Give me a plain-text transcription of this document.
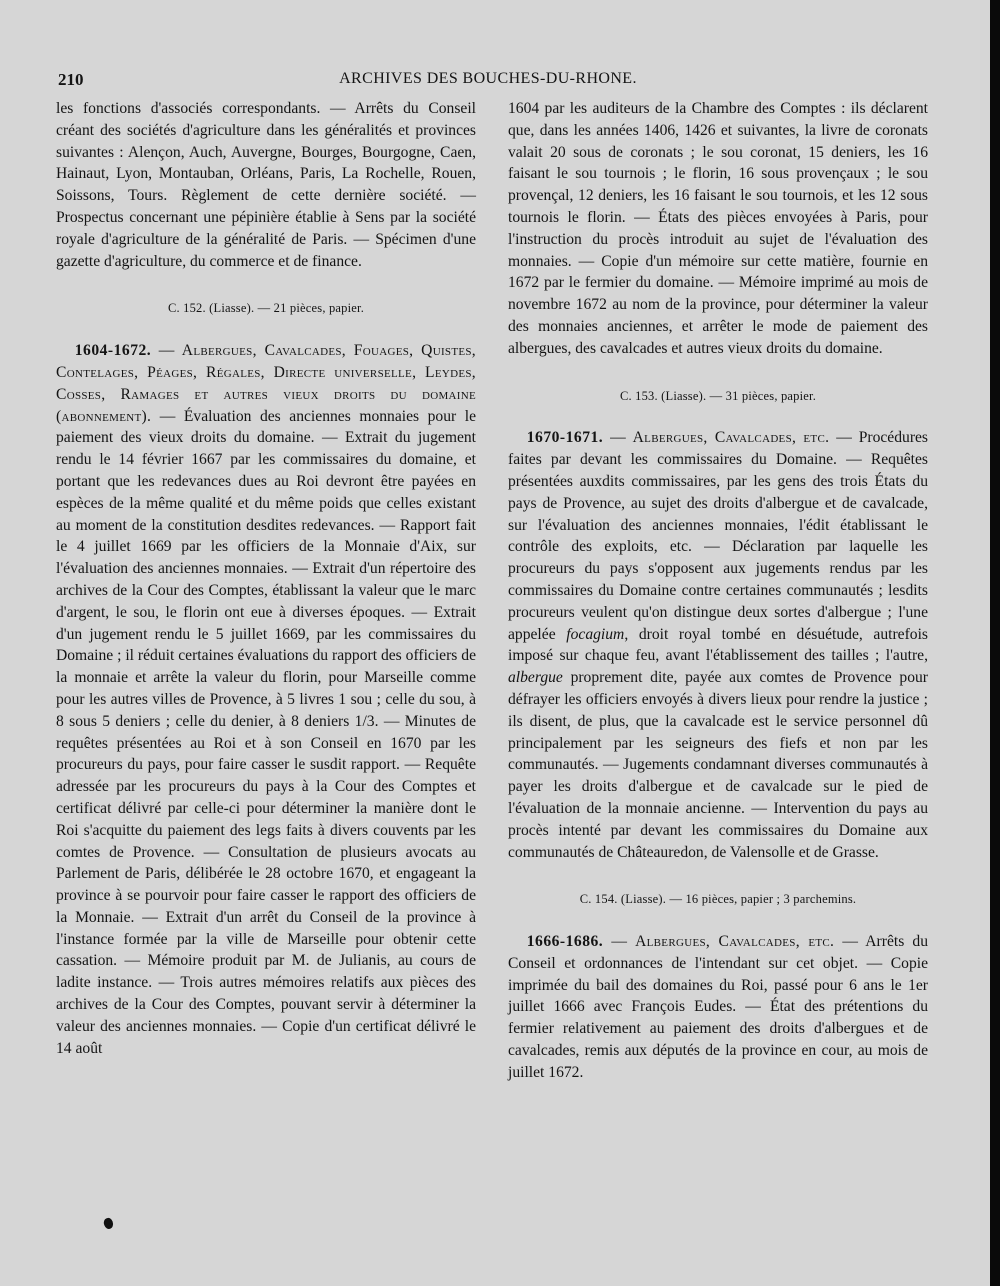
210	ARCHIVES DES BOUCHES-DU-RHONE.

les fonctions d'associés correspondants. — Arrêts du Conseil créant des sociétés d'agriculture dans les généralités et provinces suivantes : Alençon, Auch, Auvergne, Bourges, Bourgogne, Caen, Hainaut, Lyon, Montauban, Orléans, Paris, La Rochelle, Rouen, Soissons, Tours. Règlement de cette dernière société. — Prospectus concernant une pépinière établie à Sens par la société royale d'agriculture de la généralité de Paris. — Spécimen d'une gazette d'agriculture, du commerce et de finance.

C. 152. (Liasse). — 21 pièces, papier.

1604-1672. — Albergues, Cavalcades, Fouages, Quistes, Contelages, Péages, Régales, Directe universelle, Leydes, Cosses, Ramages et autres vieux droits du domaine (abonnement). — Évaluation des anciennes monnaies pour le paiement des vieux droits du domaine. — Extrait du jugement rendu le 14 février 1667 par les commissaires du domaine, et portant que les redevances dues au Roi devront être payées en espèces de la même qualité et du même poids que celles existant au moment de la constitution desdites redevances. — Rapport fait le 4 juillet 1669 par les officiers de la Monnaie d'Aix, sur l'évaluation des anciennes monnaies. — Extrait d'un répertoire des archives de la Cour des Comptes, établissant la valeur que le marc d'argent, le sou, le florin ont eue à diverses époques. — Extrait d'un jugement rendu le 5 juillet 1669, par les commissaires du Domaine ; il réduit certaines évaluations du rapport des officiers de la monnaie et arrête la valeur du florin, pour Marseille comme pour les autres villes de Provence, à 5 livres 1 sou ; celle du sou, à 8 sous 5 deniers ; celle du denier, à 8 deniers 1/3. — Minutes de requêtes présentées au Roi et à son Conseil en 1670 par les procureurs du pays, pour faire casser le susdit rapport. — Requête adressée par les procureurs du pays à la Cour des Comptes et certificat délivré par celle-ci pour déterminer la manière dont le Roi s'acquitte du paiement des legs faits à divers couvents par les comtes de Provence. — Consultation de plusieurs avocats au Parlement de Paris, délibérée le 28 octobre 1670, et engageant la province à se pourvoir pour faire casser le rapport des officiers de la Monnaie. — Extrait d'un arrêt du Conseil de la province à l'instance formée par la ville de Marseille pour obtenir cette cassation. — Mémoire produit par M. de Julianis, au cours de ladite instance. — Trois autres mémoires relatifs aux pièces des archives de la Cour des Comptes, pouvant servir à déterminer la valeur des anciennes monnaies. — Copie d'un certificat délivré le 14 août

1604 par les auditeurs de la Chambre des Comptes : ils déclarent que, dans les années 1406, 1426 et suivantes, la livre de coronats valait 20 sous de coronats ; le sou coronat, 15 deniers, les 16 faisant le sou tournois ; le florin, 16 sous provençaux ; le sou provençal, 12 deniers, les 16 faisant le sou tournois, et les 12 sous tournois le florin. — États des pièces envoyées à Paris, pour l'instruction du procès introduit au sujet de l'évaluation des monnaies. — Copie d'un mémoire sur cette matière, fournie en 1672 par le fermier du domaine. — Mémoire imprimé au mois de novembre 1672 au nom de la province, pour déterminer la valeur des monnaies anciennes, et arrêter le mode de paiement des albergues, des cavalcades et autres vieux droits du domaine.

C. 153. (Liasse). — 31 pièces, papier.

1670-1671. — Albergues, Cavalcades, etc. — Procédures faites par devant les commissaires du Domaine. — Requêtes présentées auxdits commissaires, par les gens des trois États du pays de Provence, au sujet des droits d'albergue et de cavalcade, sur l'évaluation des anciennes monnaies, l'édit établissant le contrôle des exploits, etc. — Déclaration par laquelle les procureurs du pays s'opposent aux jugements rendus par les commissaires du Domaine contre certaines communautés ; lesdits procureurs veulent qu'on distingue deux sortes d'albergue ; l'une appelée focagium, droit royal tombé en désuétude, autrefois imposé sur chaque feu, avant l'établissement des tailles ; l'autre, albergue proprement dite, payée aux comtes de Provence pour défrayer les officiers envoyés à divers lieux pour rendre la justice ; ils disent, de plus, que la cavalcade est le service personnel dû principalement par les seigneurs des fiefs et non par les communautés. — Jugements condamnant diverses communautés à payer les droits d'albergue et de cavalcade sur le pied de l'évaluation de la monnaie ancienne. — Intervention du pays au procès intenté par devant les commissaires du Domaine aux communautés de Châteauredon, de Valensolle et de Grasse.

C. 154. (Liasse). — 16 pièces, papier ; 3 parchemins.

1666-1686. — Albergues, Cavalcades, etc. — Arrêts du Conseil et ordonnances de l'intendant sur cet objet. — Copie imprimée du bail des domaines du Roi, passé pour 6 ans le 1er juillet 1666 avec François Eudes. — État des prétentions du fermier relativement au paiement des droits d'albergues et de cavalcades, remis aux députés de la province en cour, au mois de juillet 1672.
